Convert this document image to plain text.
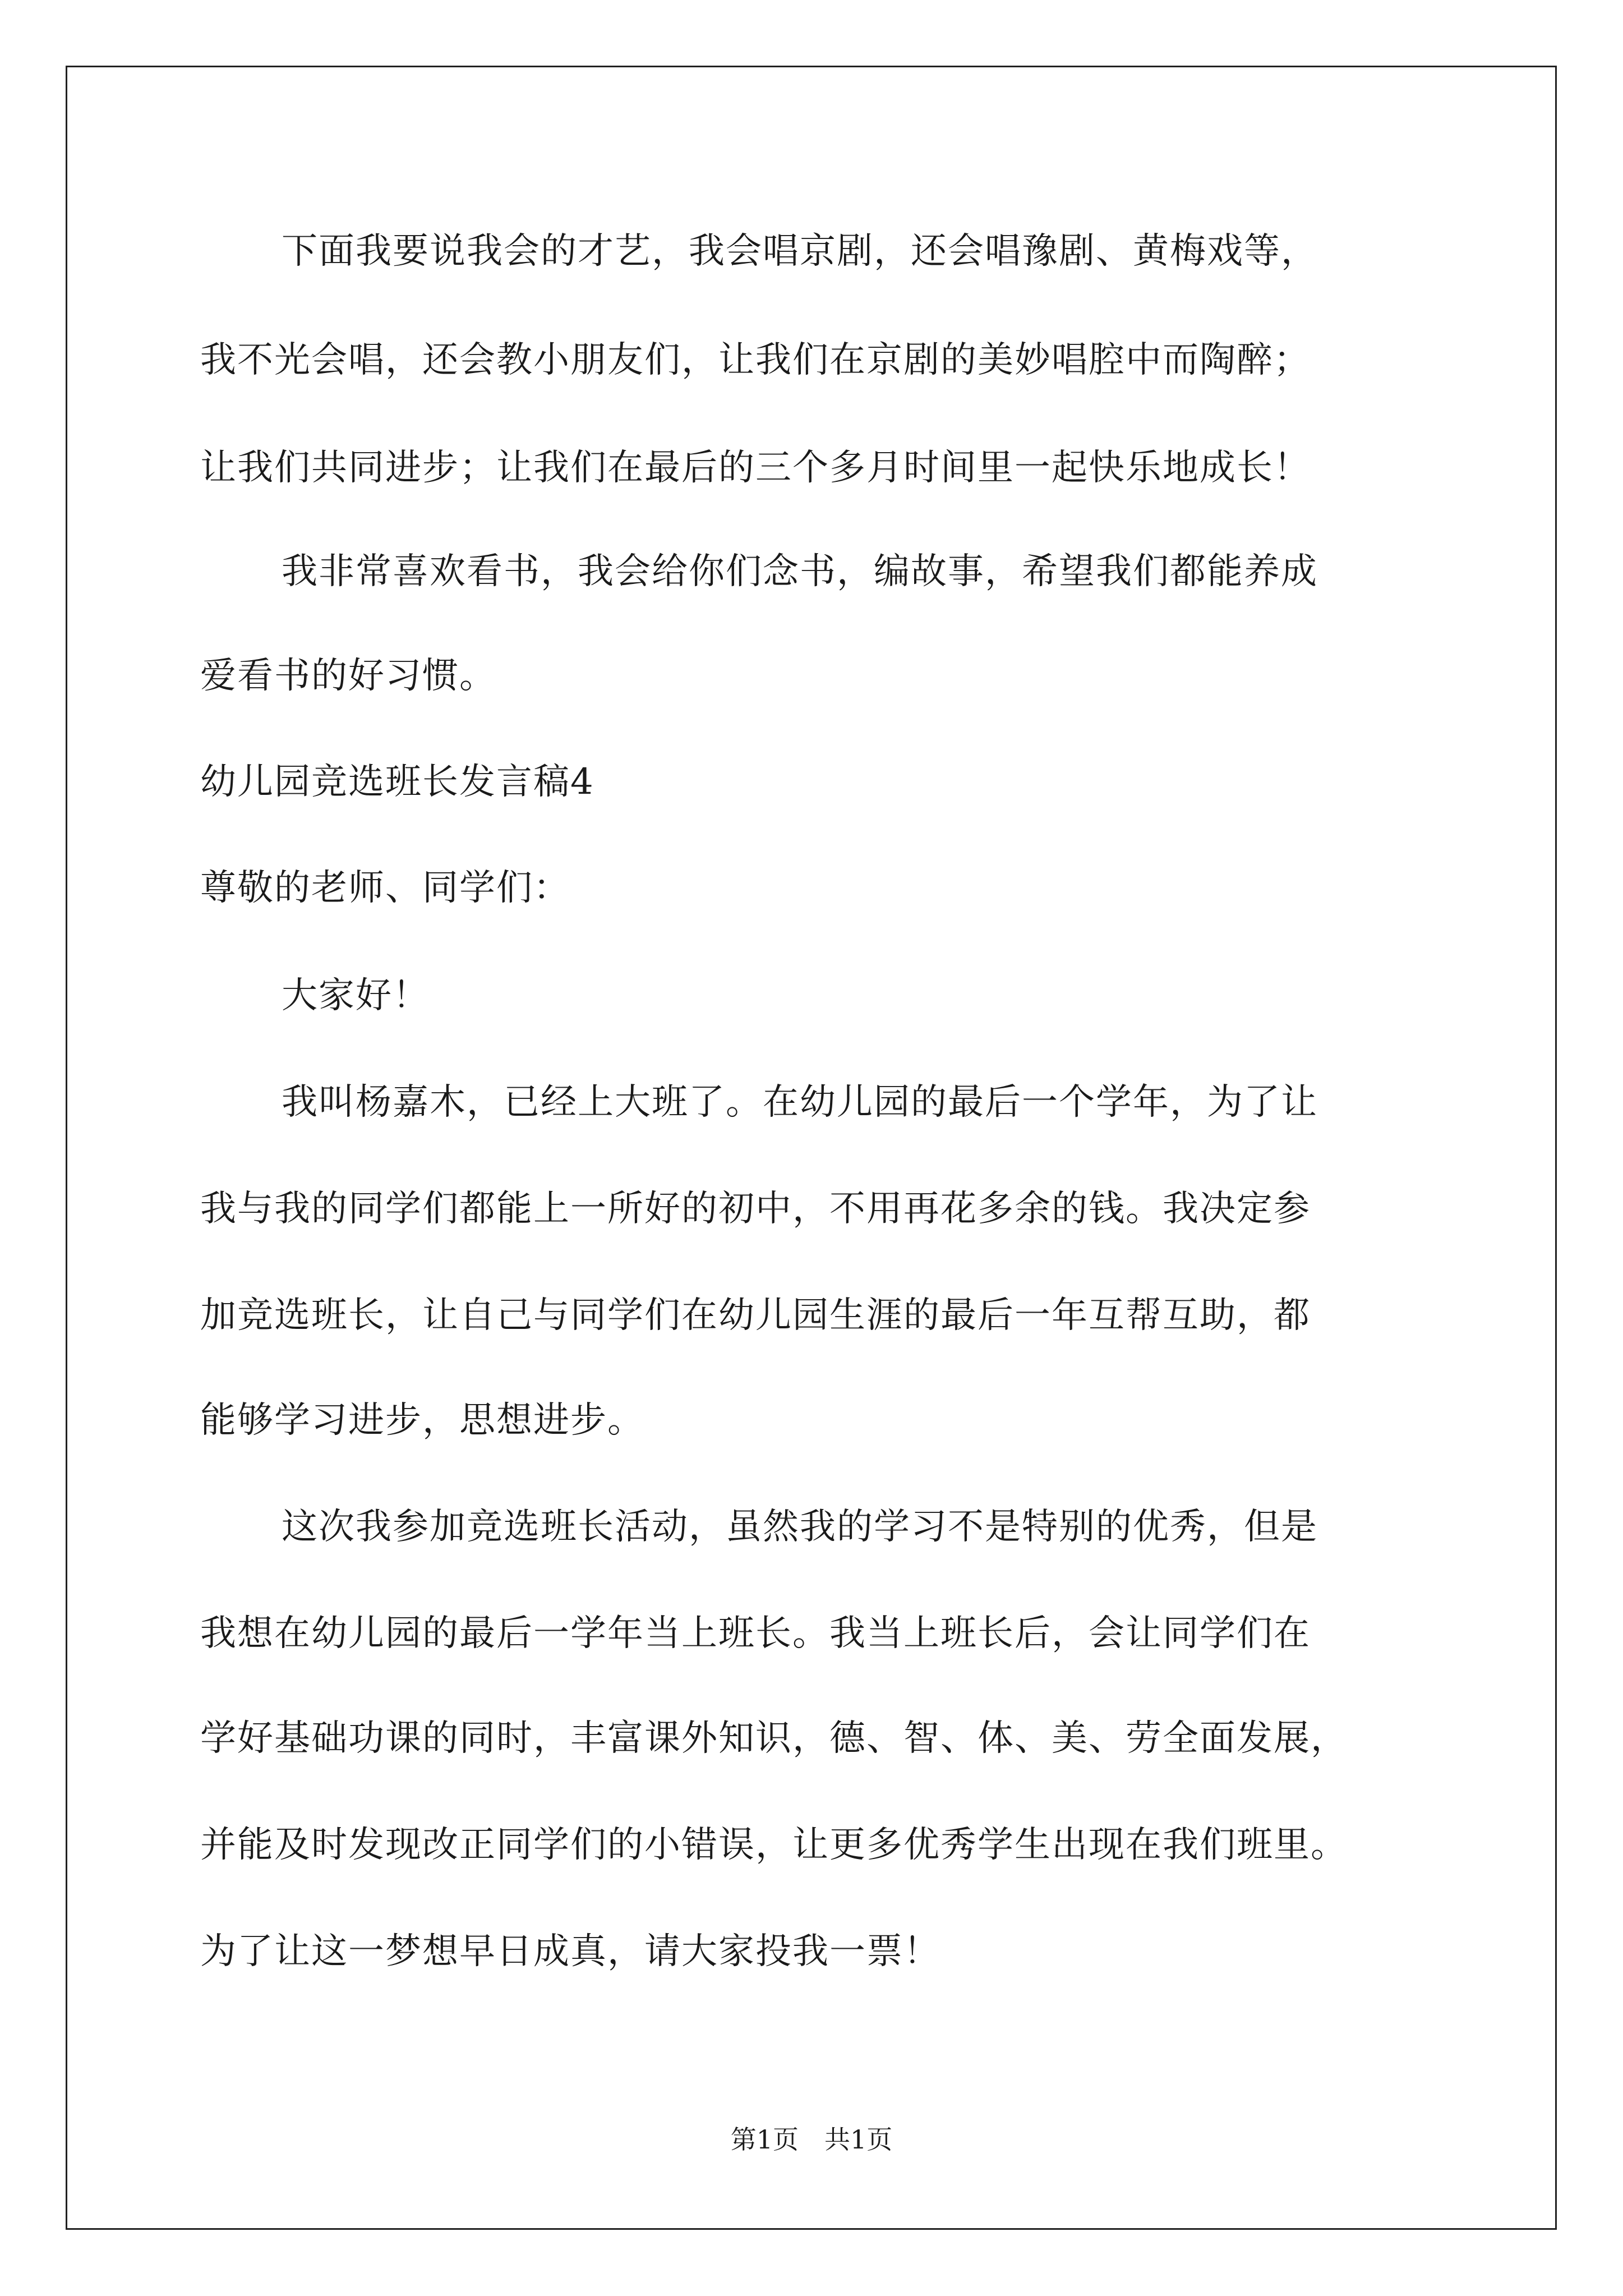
下面我要说我会的才艺，我会唱京剧，还会唱豫剧、黄梅戏等，
我不光会唱，还会教小朋友们，让我们在京剧的美妙唱腔中而陶醉；
让我们共同进步；让我们在最后的三个多月时间里一起快乐地成长！
我非常喜欢看书，我会给你们念书，编故事，希望我们都能养成
爱看书的好习惯。
幼儿园竞选班长发言稿4
尊敬的老师、同学们：
大家好！
我叫杨嘉木，已经上大班了。在幼儿园的最后一个学年，为了让
我与我的同学们都能上一所好的初中，不用再花多余的钱。我决定参
加竞选班长，让自己与同学们在幼儿园生涯的最后一年互帮互助，都
能够学习进步，思想进步。
这次我参加竞选班长活动，虽然我的学习不是特别的优秀，但是
我想在幼儿园的最后一学年当上班长。我当上班长后，会让同学们在
学好基础功课的同时，丰富课外知识，德、智、体、美、劳全面发展，
并能及时发现改正同学们的小错误，让更多优秀学生出现在我们班里。
为了让这一梦想早日成真，请大家投我一票！
第1页　共1页
